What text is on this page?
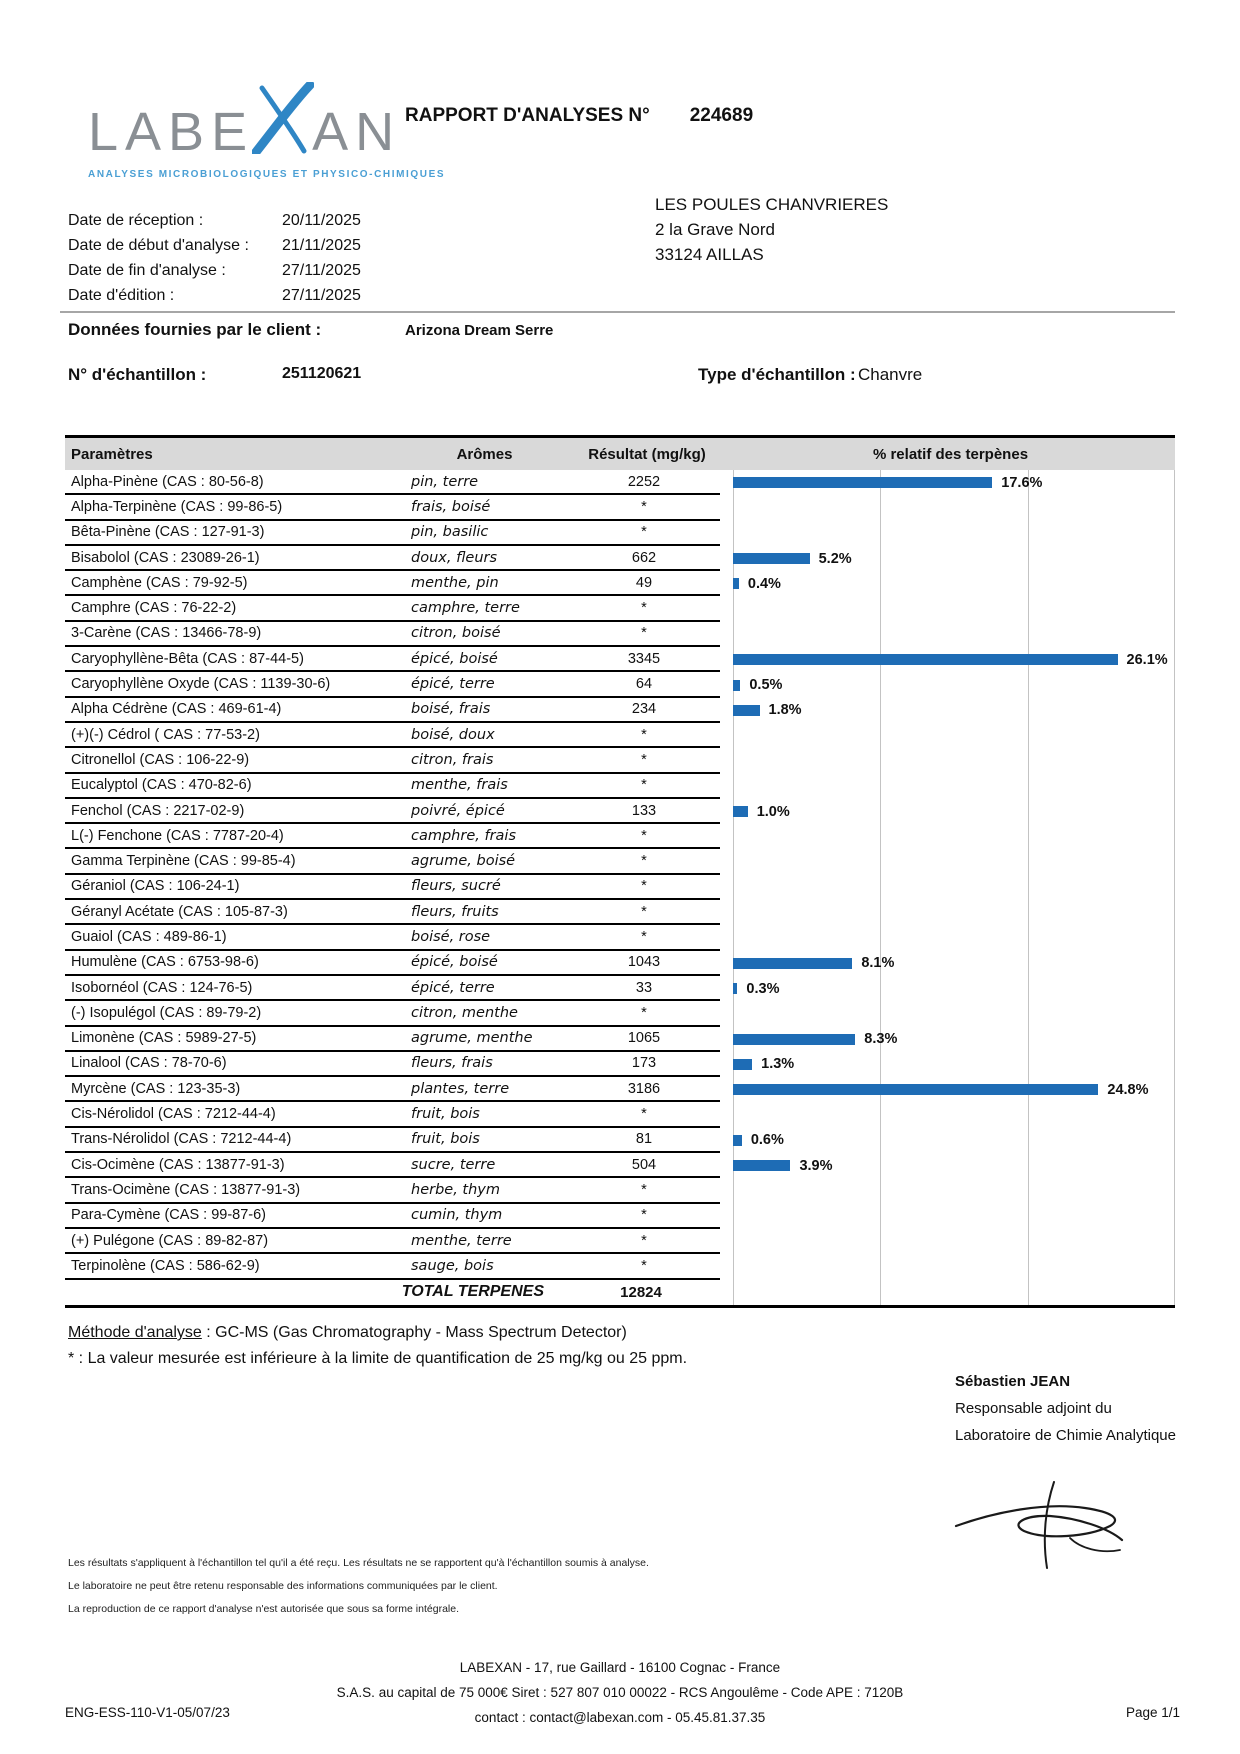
LABE AN
ANALYSES MICROBIOLOGIQUES ET PHYSICO-CHIMIQUES
RAPPORT D'ANALYSES N° 224689
LES POULES CHANVRIERES
2 la Grave Nord
33124 AILLAS
Date de réception :	20/11/2025
Date de début d'analyse :	21/11/2025
Date de fin d'analyse :	27/11/2025
Date d'édition :	27/11/2025
Données fournies par le client :	Arizona Dream Serre
N° d'échantillon :	251120621	Type d'échantillon : Chanvre
Paramètres	Arômes	Résultat (mg/kg)	% relatif des terpènes
Alpha-Pinène (CAS : 80-56-8)	pin, terre	2252	17.6%
Alpha-Terpinène (CAS : 99-86-5)	frais, boisé	*
Bêta-Pinène (CAS : 127-91-3)	pin, basilic	*
Bisabolol (CAS : 23089-26-1)	doux, fleurs	662	5.2%
Camphène (CAS : 79-92-5)	menthe, pin	49	0.4%
Camphre (CAS : 76-22-2)	camphre, terre	*
3-Carène (CAS : 13466-78-9)	citron, boisé	*
Caryophyllène-Bêta (CAS : 87-44-5)	épicé, boisé	3345	26.1%
Caryophyllène Oxyde (CAS : 1139-30-6)	épicé, terre	64	0.5%
Alpha Cédrène (CAS : 469-61-4)	boisé, frais	234	1.8%
(+)(-) Cédrol ( CAS : 77-53-2)	boisé, doux	*
Citronellol (CAS : 106-22-9)	citron, frais	*
Eucalyptol (CAS : 470-82-6)	menthe, frais	*
Fenchol (CAS : 2217-02-9)	poivré, épicé	133	1.0%
L(-) Fenchone (CAS : 7787-20-4)	camphre, frais	*
Gamma Terpinène (CAS : 99-85-4)	agrume, boisé	*
Géraniol (CAS : 106-24-1)	fleurs, sucré	*
Géranyl Acétate (CAS : 105-87-3)	fleurs, fruits	*
Guaiol (CAS : 489-86-1)	boisé, rose	*
Humulène (CAS : 6753-98-6)	épicé, boisé	1043	8.1%
Isobornéol (CAS : 124-76-5)	épicé, terre	33	0.3%
(-) Isopulégol (CAS : 89-79-2)	citron, menthe	*
Limonène (CAS : 5989-27-5)	agrume, menthe	1065	8.3%
Linalool (CAS : 78-70-6)	fleurs, frais	173	1.3%
Myrcène (CAS : 123-35-3)	plantes, terre	3186	24.8%
Cis-Nérolidol (CAS : 7212-44-4)	fruit, bois	*
Trans-Nérolidol (CAS : 7212-44-4)	fruit, bois	81	0.6%
Cis-Ocimène (CAS : 13877-91-3)	sucre, terre	504	3.9%
Trans-Ocimène (CAS : 13877-91-3)	herbe, thym	*
Para-Cymène (CAS : 99-87-6)	cumin, thym	*
(+) Pulégone (CAS : 89-82-87)	menthe, terre	*
Terpinolène (CAS : 586-62-9)	sauge, bois	*
TOTAL TERPENES	12824
Méthode d'analyse : GC-MS (Gas Chromatography - Mass Spectrum Detector)
* : La valeur mesurée est inférieure à la limite de quantification de 25 mg/kg ou 25 ppm.
Sébastien JEAN
Responsable adjoint du
Laboratoire de Chimie Analytique
Les résultats s'appliquent à l'échantillon tel qu'il a été reçu. Les résultats ne se rapportent qu'à l'échantillon soumis à analyse.
Le laboratoire ne peut être retenu responsable des informations communiquées par le client.
La reproduction de ce rapport d'analyse n'est autorisée que sous sa forme intégrale.
LABEXAN - 17, rue Gaillard - 16100 Cognac - France
S.A.S. au capital de 75 000€ Siret : 527 807 010 00022 - RCS Angoulême - Code APE : 7120B
contact : contact@labexan.com - 05.45.81.37.35
ENG-ESS-110-V1-05/07/23	Page 1/1
